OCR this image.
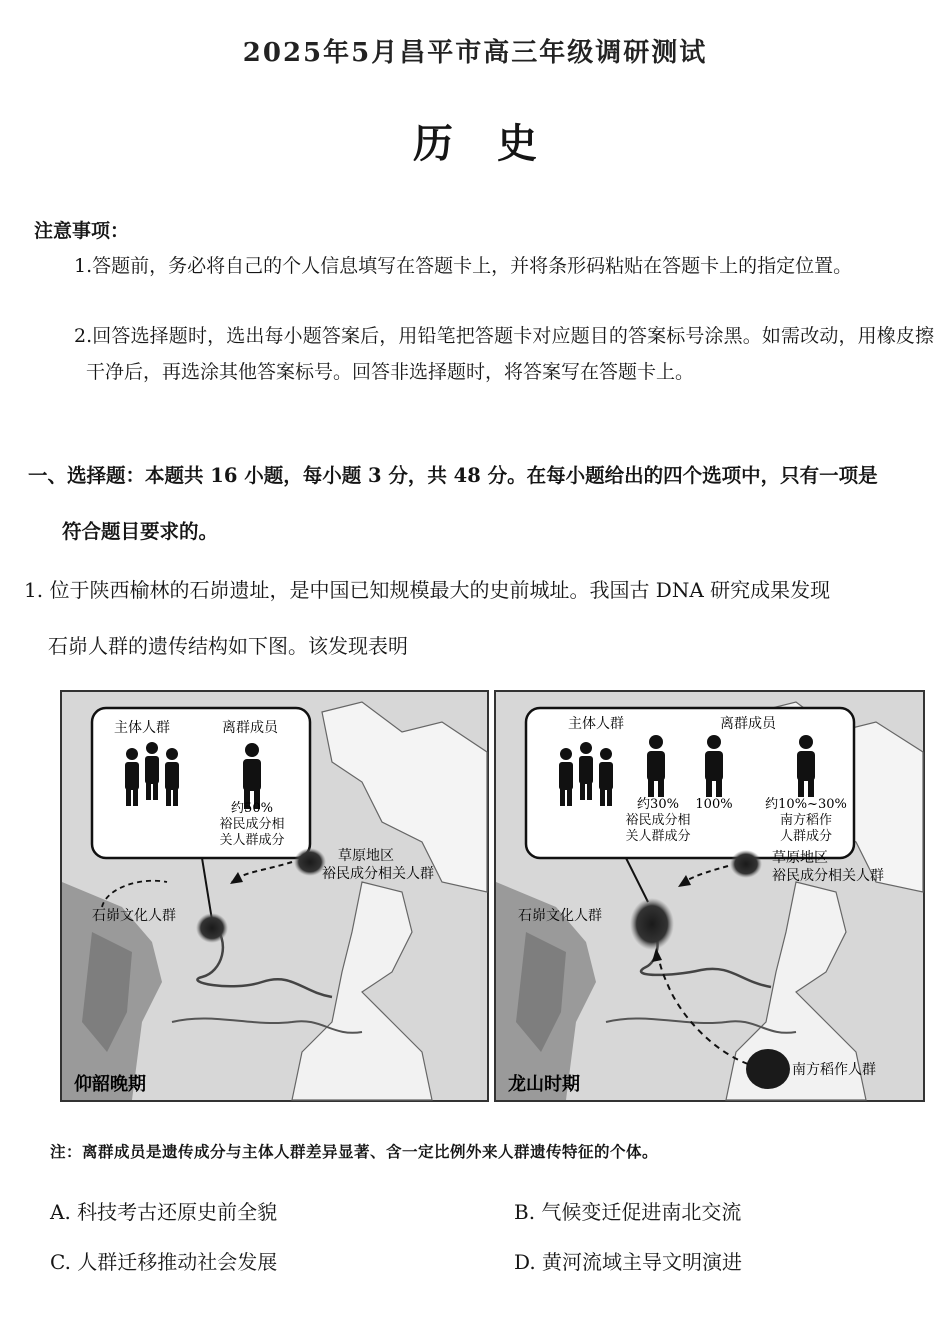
2025年5月昌平市高三年级调研测试
历史
注意事项：
1.答题前，务必将自己的个人信息填写在答题卡上，并将条形码粘贴在答题卡上的指定位置。
2.回答选择题时，选出每小题答案后，用铅笔把答题卡对应题目的答案标号涂黑。如需改动，用橡皮擦干净后，再选涂其他答案标号。回答非选择题时，将答案写在答题卡上。
一、选择题：本题共 16 小题，每小题 3 分，共 48 分。在每小题给出的四个选项中，只有一项是
符合题目要求的。
1. 位于陕西榆林的石峁遗址，是中国已知规模最大的史前城址。我国古 DNA 研究成果发现
石峁人群的遗传结构如下图。该发现表明
主体人群	离群成员
约50%
裕民成分相
关人群成分
草原地区
裕民成分相关人群
石峁文化人群
仰韶晚期
主体人群	离群成员
约30%
裕民成分相
关人群成分
100%	约10%~30%
南方稻作
人群成分
草原地区
裕民成分相关人群
石峁文化人群
南方稻作人群
龙山时期
注：离群成员是遗传成分与主体人群差异显著、含一定比例外来人群遗传特征的个体。
A. 科技考古还原史前全貌	B. 气候变迁促进南北交流
C. 人群迁移推动社会发展	D. 黄河流域主导文明演进
